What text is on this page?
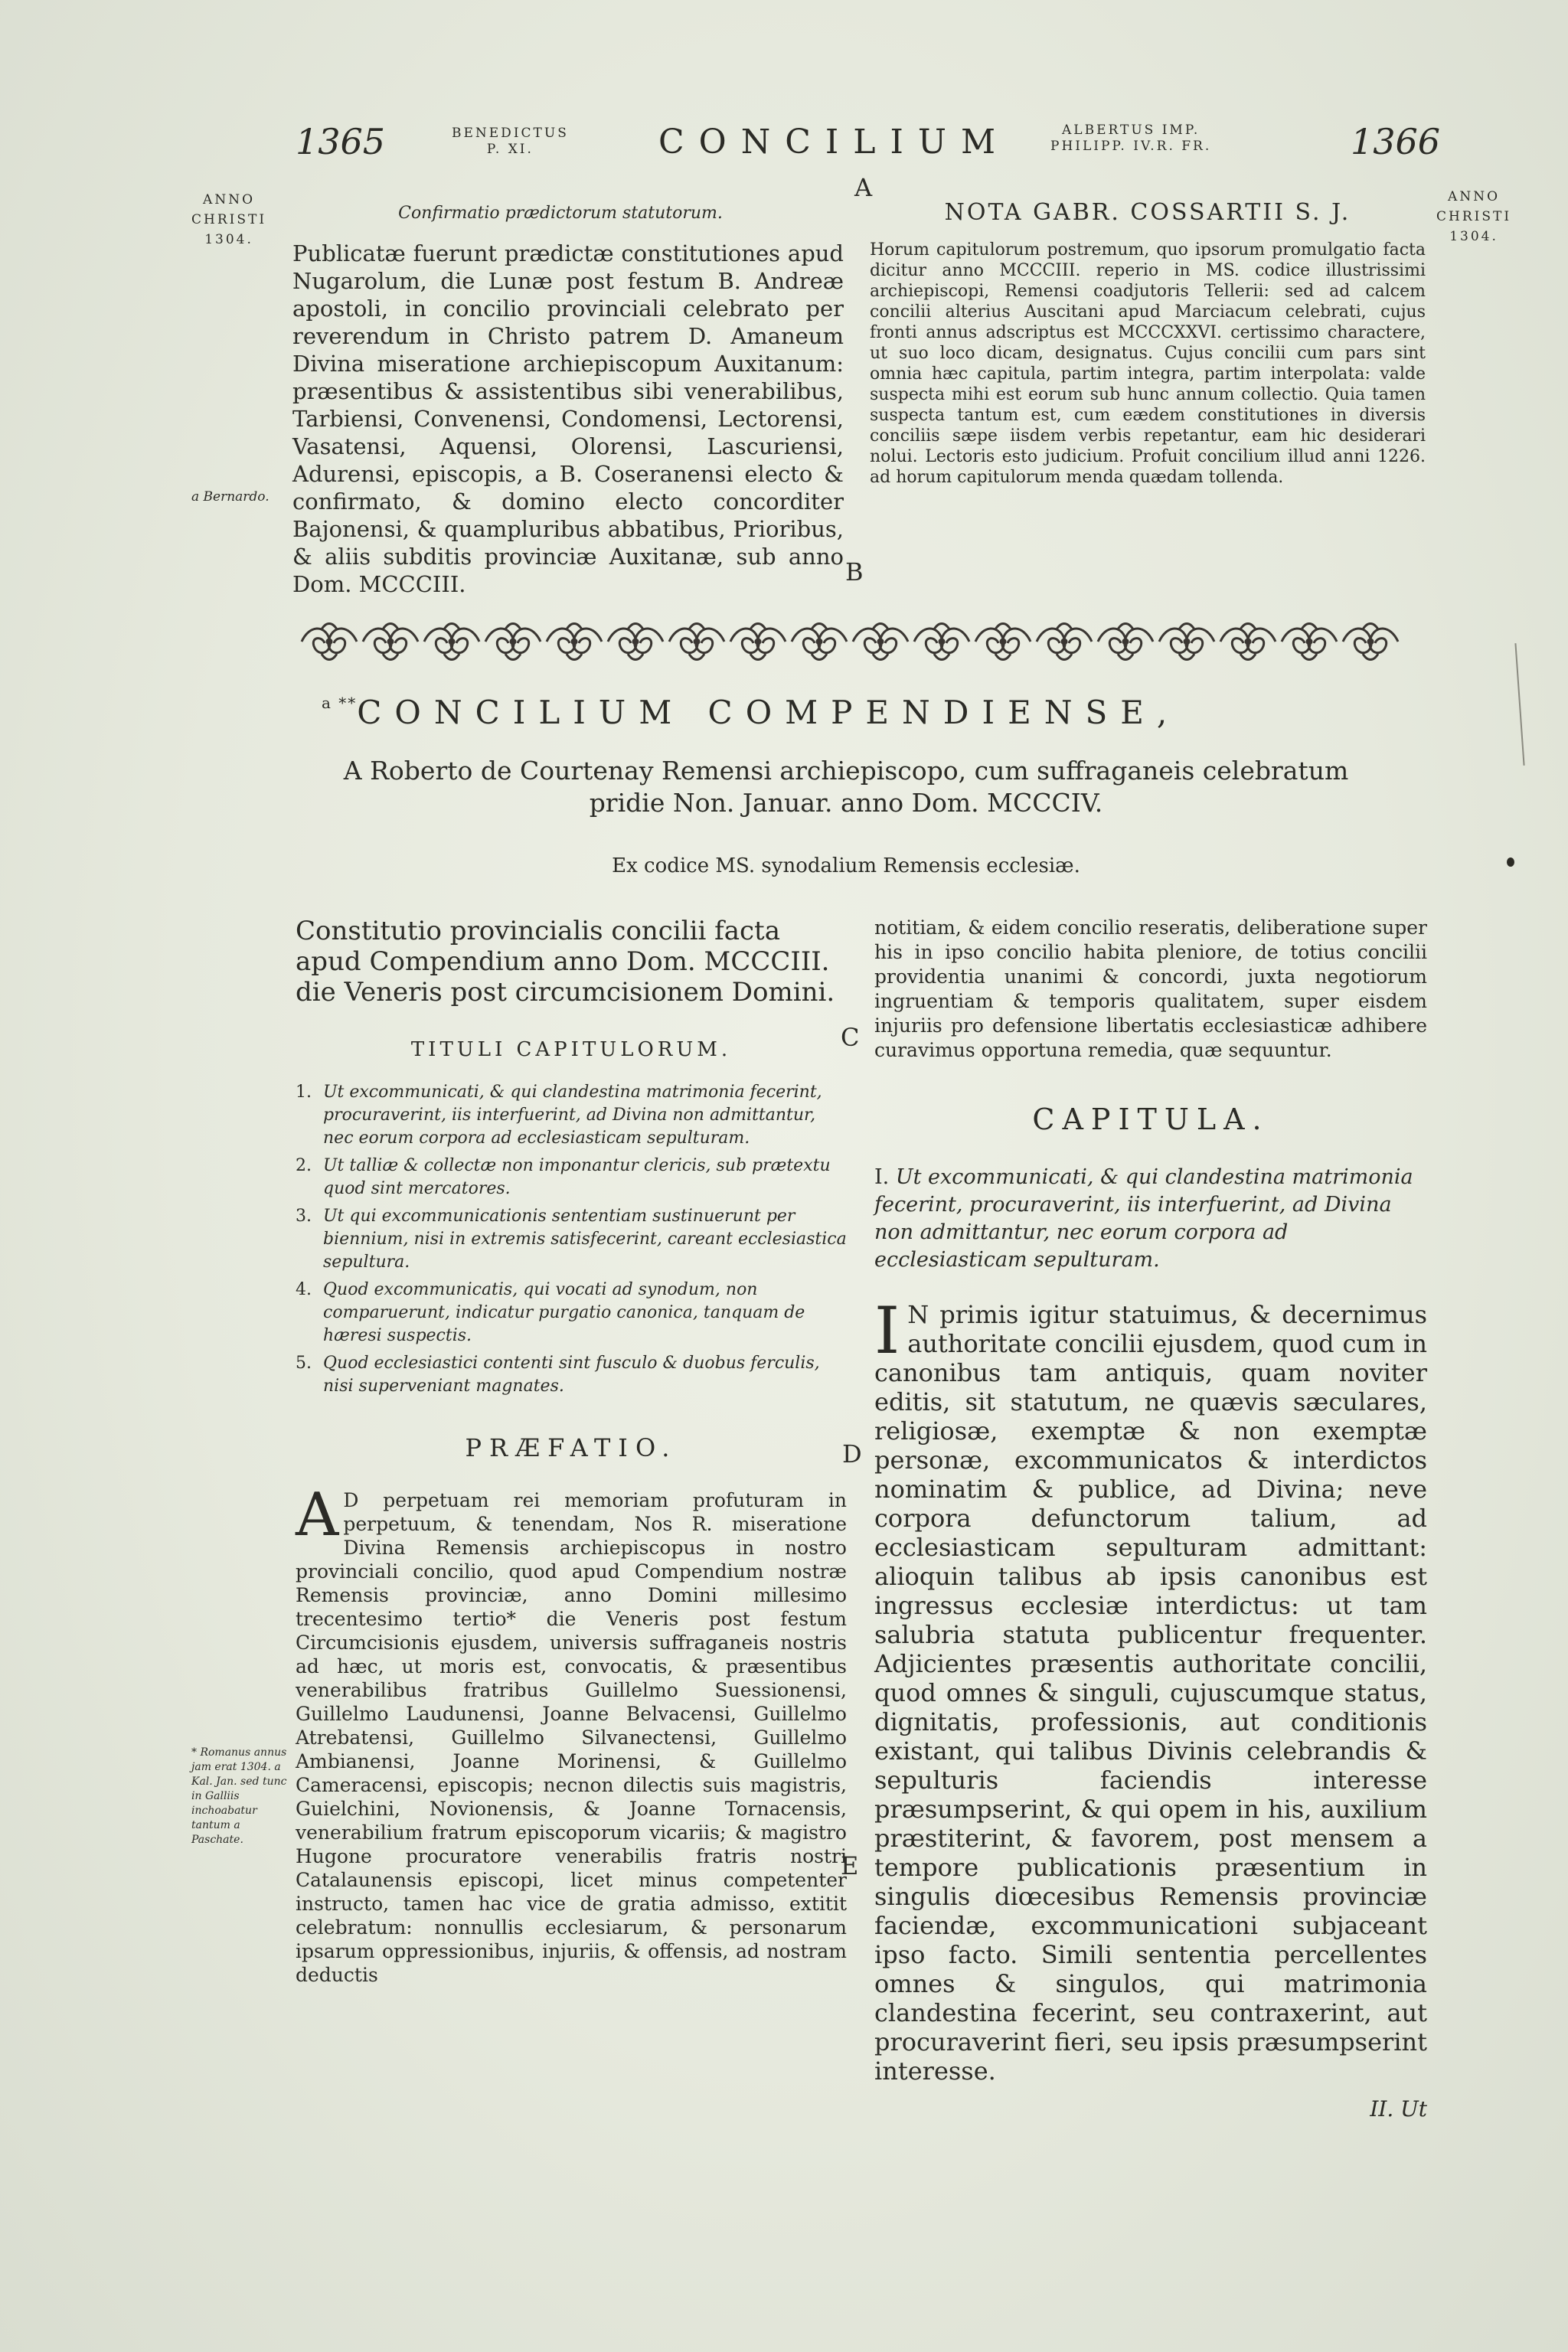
1365	BENEDICTUS
P. XI.	CONCILIUM	ALBERTUS IMP.
PHILIPP. IV.R. FR.	1366
ANNO
CHRISTI
1304.
ANNO
CHRISTI
1304.
A
B
C
D
E
Confirmatio prædictorum statutorum.
Publicatæ fuerunt prædictæ constitutiones apud Nugarolum, die Lunæ post festum B. Andreæ apostoli, in concilio provinciali celebrato per reverendum in Christo patrem D. Amaneum Divina miseratione archiepiscopum Auxitanum: præsentibus & assistentibus sibi venerabilibus, Tarbiensi, Convenensi, Condomensi, Lectorensi, Vasatensi, Aquensi, Olorensi, Lascuriensi, Adurensi, episcopis, a B. Coseranensi electo & confirmato, & domino electo concorditer Bajonensi, & quampluribus abbatibus, Prioribus, & aliis subditis provinciæ Auxitanæ, sub anno Dom. MCCCIII.
a Bernardo.
NOTA GABR. COSSARTII S. J.
Horum capitulorum postremum, quo ipsorum promulgatio facta dicitur anno MCCCIII. reperio in MS. codice illustrissimi archiepiscopi, Remensi coadjutoris Tellerii: sed ad calcem concilii alterius Auscitani apud Marciacum celebrati, cujus fronti annus adscriptus est MCCCXXVI. certissimo charactere, ut suo loco dicam, designatus. Cujus concilii cum pars sint omnia hæc capitula, partim integra, partim interpolata: valde suspecta mihi est eorum sub hunc annum collectio. Quia tamen suspecta tantum est, cum eædem constitutiones in diversis conciliis sæpe iisdem verbis repetantur, eam hic desiderari nolui. Lectoris esto judicium. Profuit concilium illud anni 1226. ad horum capitulorum menda quædam tollenda.
$^{a **}$CONCILIUM COMPENDIENSE,
A Roberto de Courtenay Remensi archiepiscopo, cum suffraganeis celebratum pridie Non. Januar. anno Dom. MCCCIV.
Ex codice MS. synodalium Remensis ecclesiæ.
Constitutio provincialis concilii facta apud Compendium anno Dom. MCCCIII. die Veneris post circumcisionem Domini.
TITULI CAPITULORUM.
1. Ut excommunicati, & qui clandestina matrimonia fecerint, procuraverint, iis interfuerint, ad Divina non admittantur, nec eorum corpora ad ecclesiasticam sepulturam.
2. Ut talliæ & collectæ non imponantur clericis, sub prætextu quod sint mercatores.
3. Ut qui excommunicationis sententiam sustinuerunt per biennium, nisi in extremis satisfecerint, careant ecclesiastica sepultura.
4. Quod excommunicatis, qui vocati ad synodum, non comparuerunt, indicatur purgatio canonica, tanquam de hæresi suspectis.
5. Quod ecclesiastici contenti sint fusculo & duobus ferculis, nisi superveniant magnates.
PRÆFATIO.
A D perpetuam rei memoriam profuturam in perpetuum, & tenendam, Nos R. miseratione Divina Remensis archiepiscopus in nostro provinciali concilio, quod apud Compendium nostræ Remensis provinciæ, anno Domini millesimo trecentesimo tertio* die Veneris post festum Circumcisionis ejusdem, universis suffraganeis nostris ad hæc, ut moris est, convocatis, & præsentibus venerabilibus fratribus Guillelmo Suessionensi, Guillelmo Laudunensi, Joanne Belvacensi, Guillelmo Atrebatensi, Guillelmo Silvanectensi, Guillelmo Ambianensi, Joanne Morinensi, & Guillelmo Cameracensi, episcopis; necnon dilectis suis magistris, Guielchini, Novionensis, & Joanne Tornacensis, venerabilium fratrum episcoporum vicariis; & magistro Hugone procuratore venerabilis fratris nostri Catalaunensis episcopi, licet minus competenter instructo, tamen hac vice de gratia admisso, extitit celebratum: nonnullis ecclesiarum, & personarum ipsarum oppressionibus, injuriis, & offensis, ad nostram deductis
* Romanus annus jam erat 1304. a Kal. Jan. sed tunc in Galliis inchoabatur tantum a Paschate.
notitiam, & eidem concilio reseratis, deliberatione super his in ipso concilio habita pleniore, de totius concilii providentia unanimi & concordi, juxta negotiorum ingruentiam & temporis qualitatem, super eisdem injuriis pro defensione libertatis ecclesiasticæ adhibere curavimus opportuna remedia, quæ sequuntur.
CAPITULA.
I. Ut excommunicati, & qui clandestina matrimonia fecerint, procuraverint, iis interfuerint, ad Divina non admittantur, nec eorum corpora ad ecclesiasticam sepulturam.
I N primis igitur statuimus, & decernimus authoritate concilii ejusdem, quod cum in canonibus tam antiquis, quam noviter editis, sit statutum, ne quævis sæculares, religiosæ, exemptæ & non exemptæ personæ, excommunicatos & interdictos nominatim & publice, ad Divina; neve corpora defunctorum talium, ad ecclesiasticam sepulturam admittant: alioquin talibus ab ipsis canonibus est ingressus ecclesiæ interdictus: ut tam salubria statuta publicentur frequenter. Adjicientes præsentis authoritate concilii, quod omnes & singuli, cujuscumque status, dignitatis, professionis, aut conditionis existant, qui talibus Divinis celebrandis & sepulturis faciendis interesse præsumpserint, & qui opem in his, auxilium præstiterint, & favorem, post mensem a tempore publicationis præsentium in singulis diœcesibus Remensis provinciæ faciendæ, excommunicationi subjaceant ipso facto. Simili sententia percellentes omnes & singulos, qui matrimonia clandestina fecerint, seu contraxerint, aut procuraverint fieri, seu ipsis præsumpserint interesse.
II. Ut
